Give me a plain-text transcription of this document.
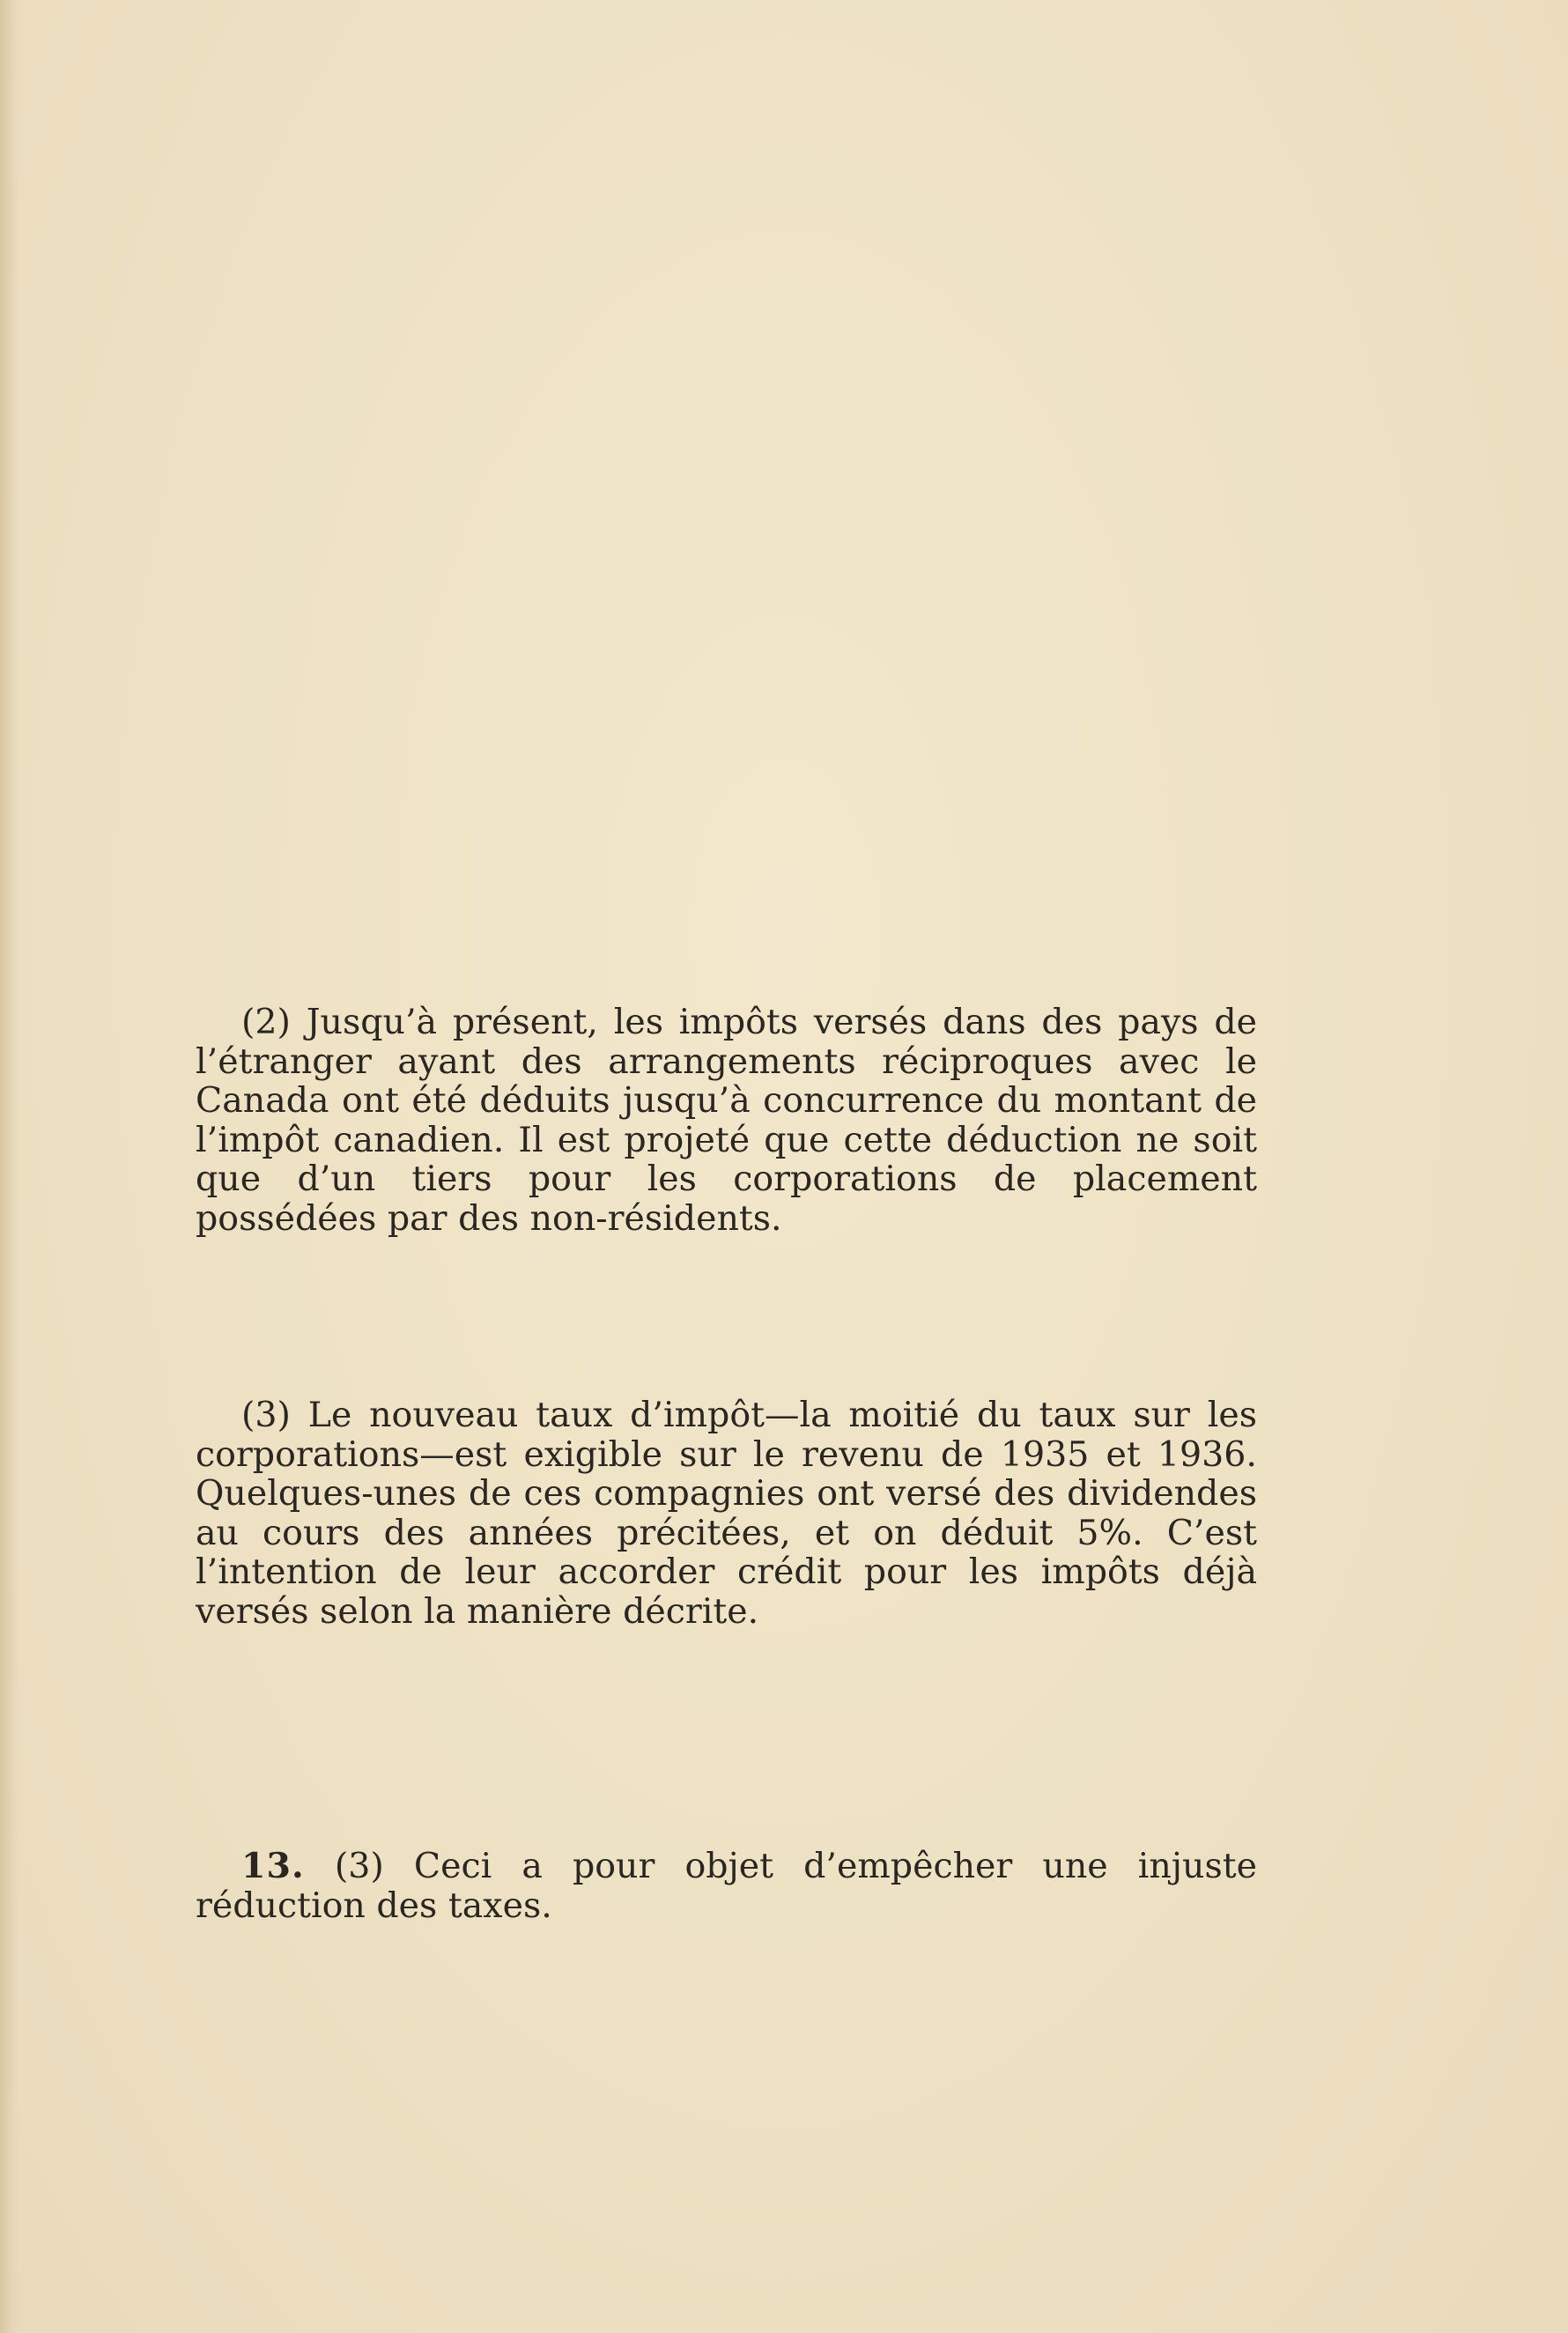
(2) Jusqu’à présent, les impôts versés dans des pays de l’étranger ayant des arrangements réciproques avec le Canada ont été déduits jusqu’à concurrence du montant de l’impôt canadien. Il est projeté que cette déduction ne soit que d’un tiers pour les corporations de placement possédées par des non-résidents.

(3) Le nouveau taux d’impôt—la moitié du taux sur les corporations—est exigible sur le revenu de 1935 et 1936. Quelques-unes de ces compagnies ont versé des dividendes au cours des années précitées, et on déduit 5%. C’est l’intention de leur accorder crédit pour les impôts déjà versés selon la manière décrite.

13. (3) Ceci a pour objet d’empêcher une injuste réduction des taxes.
